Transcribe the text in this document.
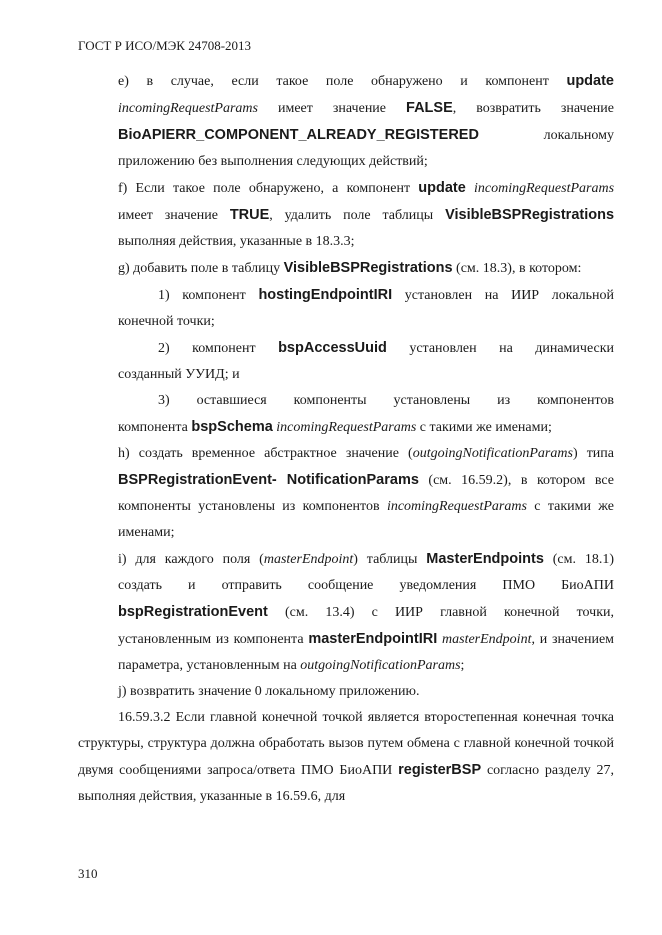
ГОСТ Р ИСО/МЭК 24708-2013
е) в случае, если такое поле обнаружено и компонент update incomingRequestParams имеет значение FALSE, возвратить значение BioAPIERR_COMPONENT_ALREADY_REGISTERED	локальному приложению без выполнения следующих действий;
f) Если такое поле обнаружено, а компонент update incomingRequestParams имеет значение TRUE, удалить поле таблицы VisibleBSPRegistrations выполняя действия, указанные в 18.3.3;
g) добавить поле в таблицу VisibleBSPRegistrations (см. 18.3), в котором:
1) компонент hostingEndpointIRI установлен на ИИР локальной
конечной точки;
2) компонент bspAccessUuid установлен на динамически
созданный УУИД; и
3) оставшиеся компоненты установлены из компонентов
компонента bspSchema incomingRequestParams с такими же именами;
h) создать временное абстрактное значение (outgoingNotificationParams) типа BSPRegistrationEvent- NotificationParams (см. 16.59.2), в котором все компоненты установлены из компонентов incomingRequestParams с такими же именами;
i) для каждого поля (masterEndpoint) таблицы MasterEndpoints (см. 18.1) создать и отправить сообщение уведомления ПМО БиоАПИ bspRegistrationEvent (см. 13.4) с ИИР главной конечной точки, установленным из компонента masterEndpointIRI masterEndpoint, и значением параметра, установленным на outgoingNotificationParams;
j) возвратить значение 0 локальному приложению.
16.59.3.2 Если главной конечной точкой является второстепенная конечная точка структуры, структура должна обработать вызов путем обмена с главной конечной точкой двумя сообщениями запроса/ответа ПМО БиоАПИ registerBSP согласно разделу 27, выполняя действия, указанные в 16.59.6, для
310
